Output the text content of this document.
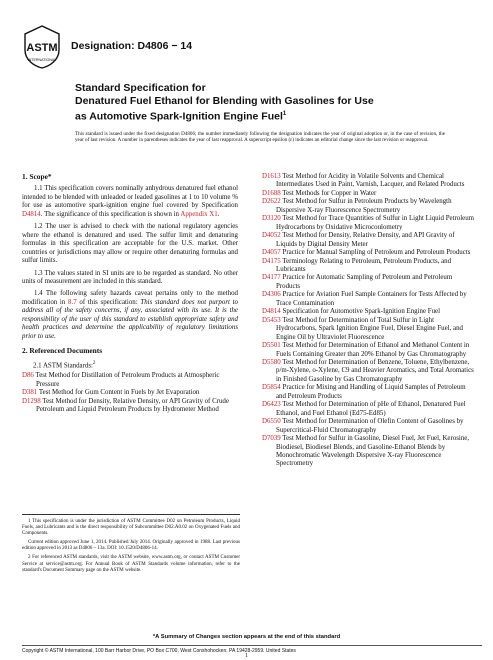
ASTM
INTERNATIONAL
Designation: D4806 − 14
Standard Specification for
Denatured Fuel Ethanol for Blending with Gasolines for Use
as Automotive Spark-Ignition Engine Fuel$^1$
This standard is issued under the fixed designation D4806; the number immediately following the designation indicates the year of original adoption or, in the case of revision, the year of last revision. A number in parentheses indicates the year of last reapproval. A superscript epsilon (ε) indicates an editorial change since the last revision or reapproval.
1. Scope*

1.1 This specification covers nominally anhydrous denatured fuel ethanol intended to be blended with unleaded or leaded gasolines at 1 to 10 volume % for use as automotive spark-ignition engine fuel covered by Specification D4814. The significance of this specification is shown in Appendix X1.

1.2 The user is advised to check with the national regulatory agencies where the ethanol is denatured and used. The sulfur limit and denaturing formulas in this specification are acceptable for the U.S. market. Other countries or jurisdictions may allow or require other denaturing formulas and sulfur limits.

1.3 The values stated in SI units are to be regarded as standard. No other units of measurement are included in this standard.

1.4 The following safety hazards caveat pertains only to the method modification in 8.7 of this specification: This standard does not purport to address all of the safety concerns, if any, associated with its use. It is the responsibility of the user of this standard to establish appropriate safety and health practices and determine the applicability of regulatory limitations prior to use.

2. Referenced Documents
2.1 ASTM Standards:$^2$

D86 Test Method for Distillation of Petroleum Products at Atmospheric Pressure

D381 Test Method for Gum Content in Fuels by Jet Evaporation

D1298 Test Method for Density, Relative Density, or API Gravity of Crude Petroleum and Liquid Petroleum Products by Hydrometer Method

D1613 Test Method for Acidity in Volatile Solvents and Chemical Intermediates Used in Paint, Varnish, Lacquer, and Related Products

D1688 Test Methods for Copper in Water

D2622 Test Method for Sulfur in Petroleum Products by Wavelength Dispersive X-ray Fluorescence Spectrometry

D3120 Test Method for Trace Quantities of Sulfur in Light Liquid Petroleum Hydrocarbons by Oxidative Microcoulometry

D4052 Test Method for Density, Relative Density, and API Gravity of Liquids by Digital Density Meter

D4057 Practice for Manual Sampling of Petroleum and Petroleum Products

D4175 Terminology Relating to Petroleum, Petroleum Products, and Lubricants

D4177 Practice for Automatic Sampling of Petroleum and Petroleum Products

D4306 Practice for Aviation Fuel Sample Containers for Tests Affected by Trace Contamination

D4814 Specification for Automotive Spark-Ignition Engine Fuel

D5453 Test Method for Determination of Total Sulfur in Light Hydrocarbons, Spark Ignition Engine Fuel, Diesel Engine Fuel, and Engine Oil by Ultraviolet Fluorescence

D5501 Test Method for Determination of Ethanol and Methanol Content in Fuels Containing Greater than 20% Ethanol by Gas Chromatography

D5580 Test Method for Determination of Benzene, Toluene, Ethylbenzene, p/m-Xylene, o-Xylene, C9 and Heavier Aromatics, and Total Aromatics in Finished Gasoline by Gas Chromatography

D5854 Practice for Mixing and Handling of Liquid Samples of Petroleum and Petroleum Products

D6423 Test Method for Determination of pHe of Ethanol, Denatured Fuel Ethanol, and Fuel Ethanol (Ed75-Ed85)

D6550 Test Method for Determination of Olefin Content of Gasolines by Supercritical-Fluid Chromatography

D7039 Test Method for Sulfur in Gasoline, Diesel Fuel, Jet Fuel, Kerosine, Biodiesel, Biodiesel Blends, and Gasoline-Ethanol Blends by Monochromatic Wavelength Dispersive X-ray Fluorescence Spectrometry

1 This specification is under the jurisdiction of ASTM Committee D02 on Petroleum Products, Liquid Fuels, and Lubricants and is the direct responsibility of Subcommittee D02.A0.02 on Oxygenated Fuels and Components.

Current edition approved June 1, 2014. Published July 2014. Originally approved in 1988. Last previous edition approved in 2013 as D4806 – 13a. DOI: 10.1520/D4806-14.

2 For referenced ASTM standards, visit the ASTM website, www.astm.org, or contact ASTM Customer Service at service@astm.org. For Annual Book of ASTM Standards volume information, refer to the standard's Document Summary page on the ASTM website.

*A Summary of Changes section appears at the end of this standard
Copyright © ASTM International, 100 Barr Harbor Drive, PO Box C700, West Conshohocken, PA 19428-2959. United States
1
